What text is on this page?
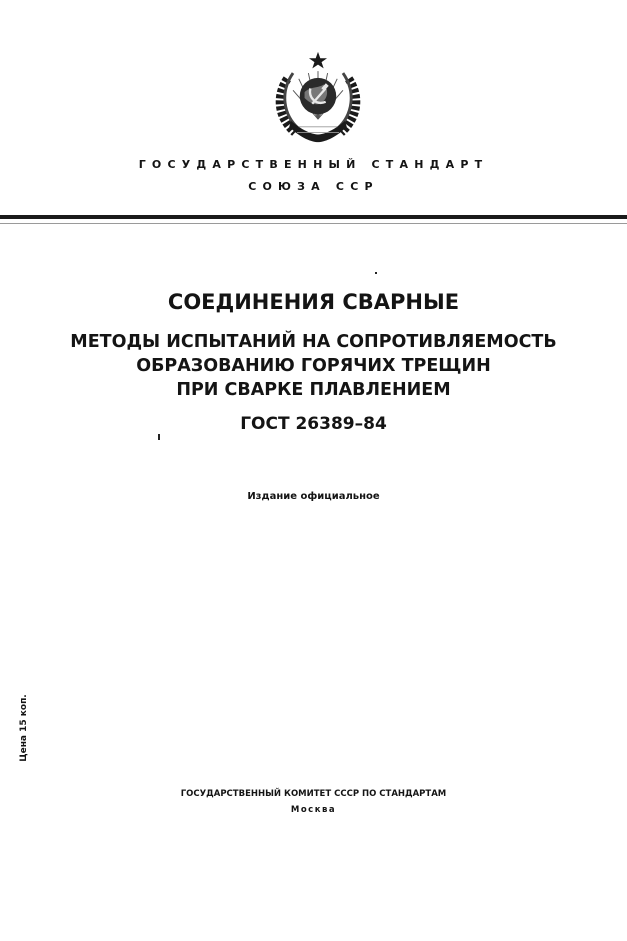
ГОСУДАРСТВЕННЫЙ СТАНДАРТ
СОЮЗА ССР
СОЕДИНЕНИЯ СВАРНЫЕ
МЕТОДЫ ИСПЫТАНИЙ НА СОПРОТИВЛЯЕМОСТЬ
ОБРАЗОВАНИЮ ГОРЯЧИХ ТРЕЩИН
ПРИ СВАРКЕ ПЛАВЛЕНИЕМ
ГОСТ 26389–84
Издание официальное
Цена 15 коп.
ГОСУДАРСТВЕННЫЙ КОМИТЕТ СССР ПО СТАНДАРТАМ
Москва
